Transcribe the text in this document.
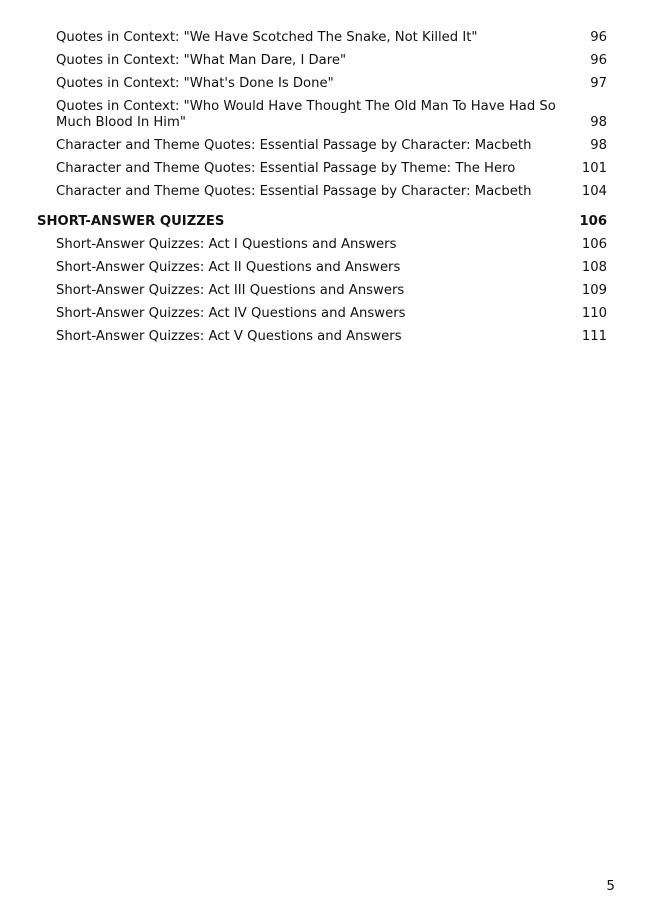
Quotes in Context: "We Have Scotched The Snake, Not Killed It"	96
Quotes in Context: "What Man Dare, I Dare"	96
Quotes in Context: "What's Done Is Done"	97
Quotes in Context: "Who Would Have Thought The Old Man To Have Had So Much Blood In Him"	98
Character and Theme Quotes: Essential Passage by Character: Macbeth	98
Character and Theme Quotes: Essential Passage by Theme: The Hero	101
Character and Theme Quotes: Essential Passage by Character: Macbeth	104
SHORT-ANSWER QUIZZES	106
Short-Answer Quizzes: Act I Questions and Answers	106
Short-Answer Quizzes: Act II Questions and Answers	108
Short-Answer Quizzes: Act III Questions and Answers	109
Short-Answer Quizzes: Act IV Questions and Answers	110
Short-Answer Quizzes: Act V Questions and Answers	111
5
